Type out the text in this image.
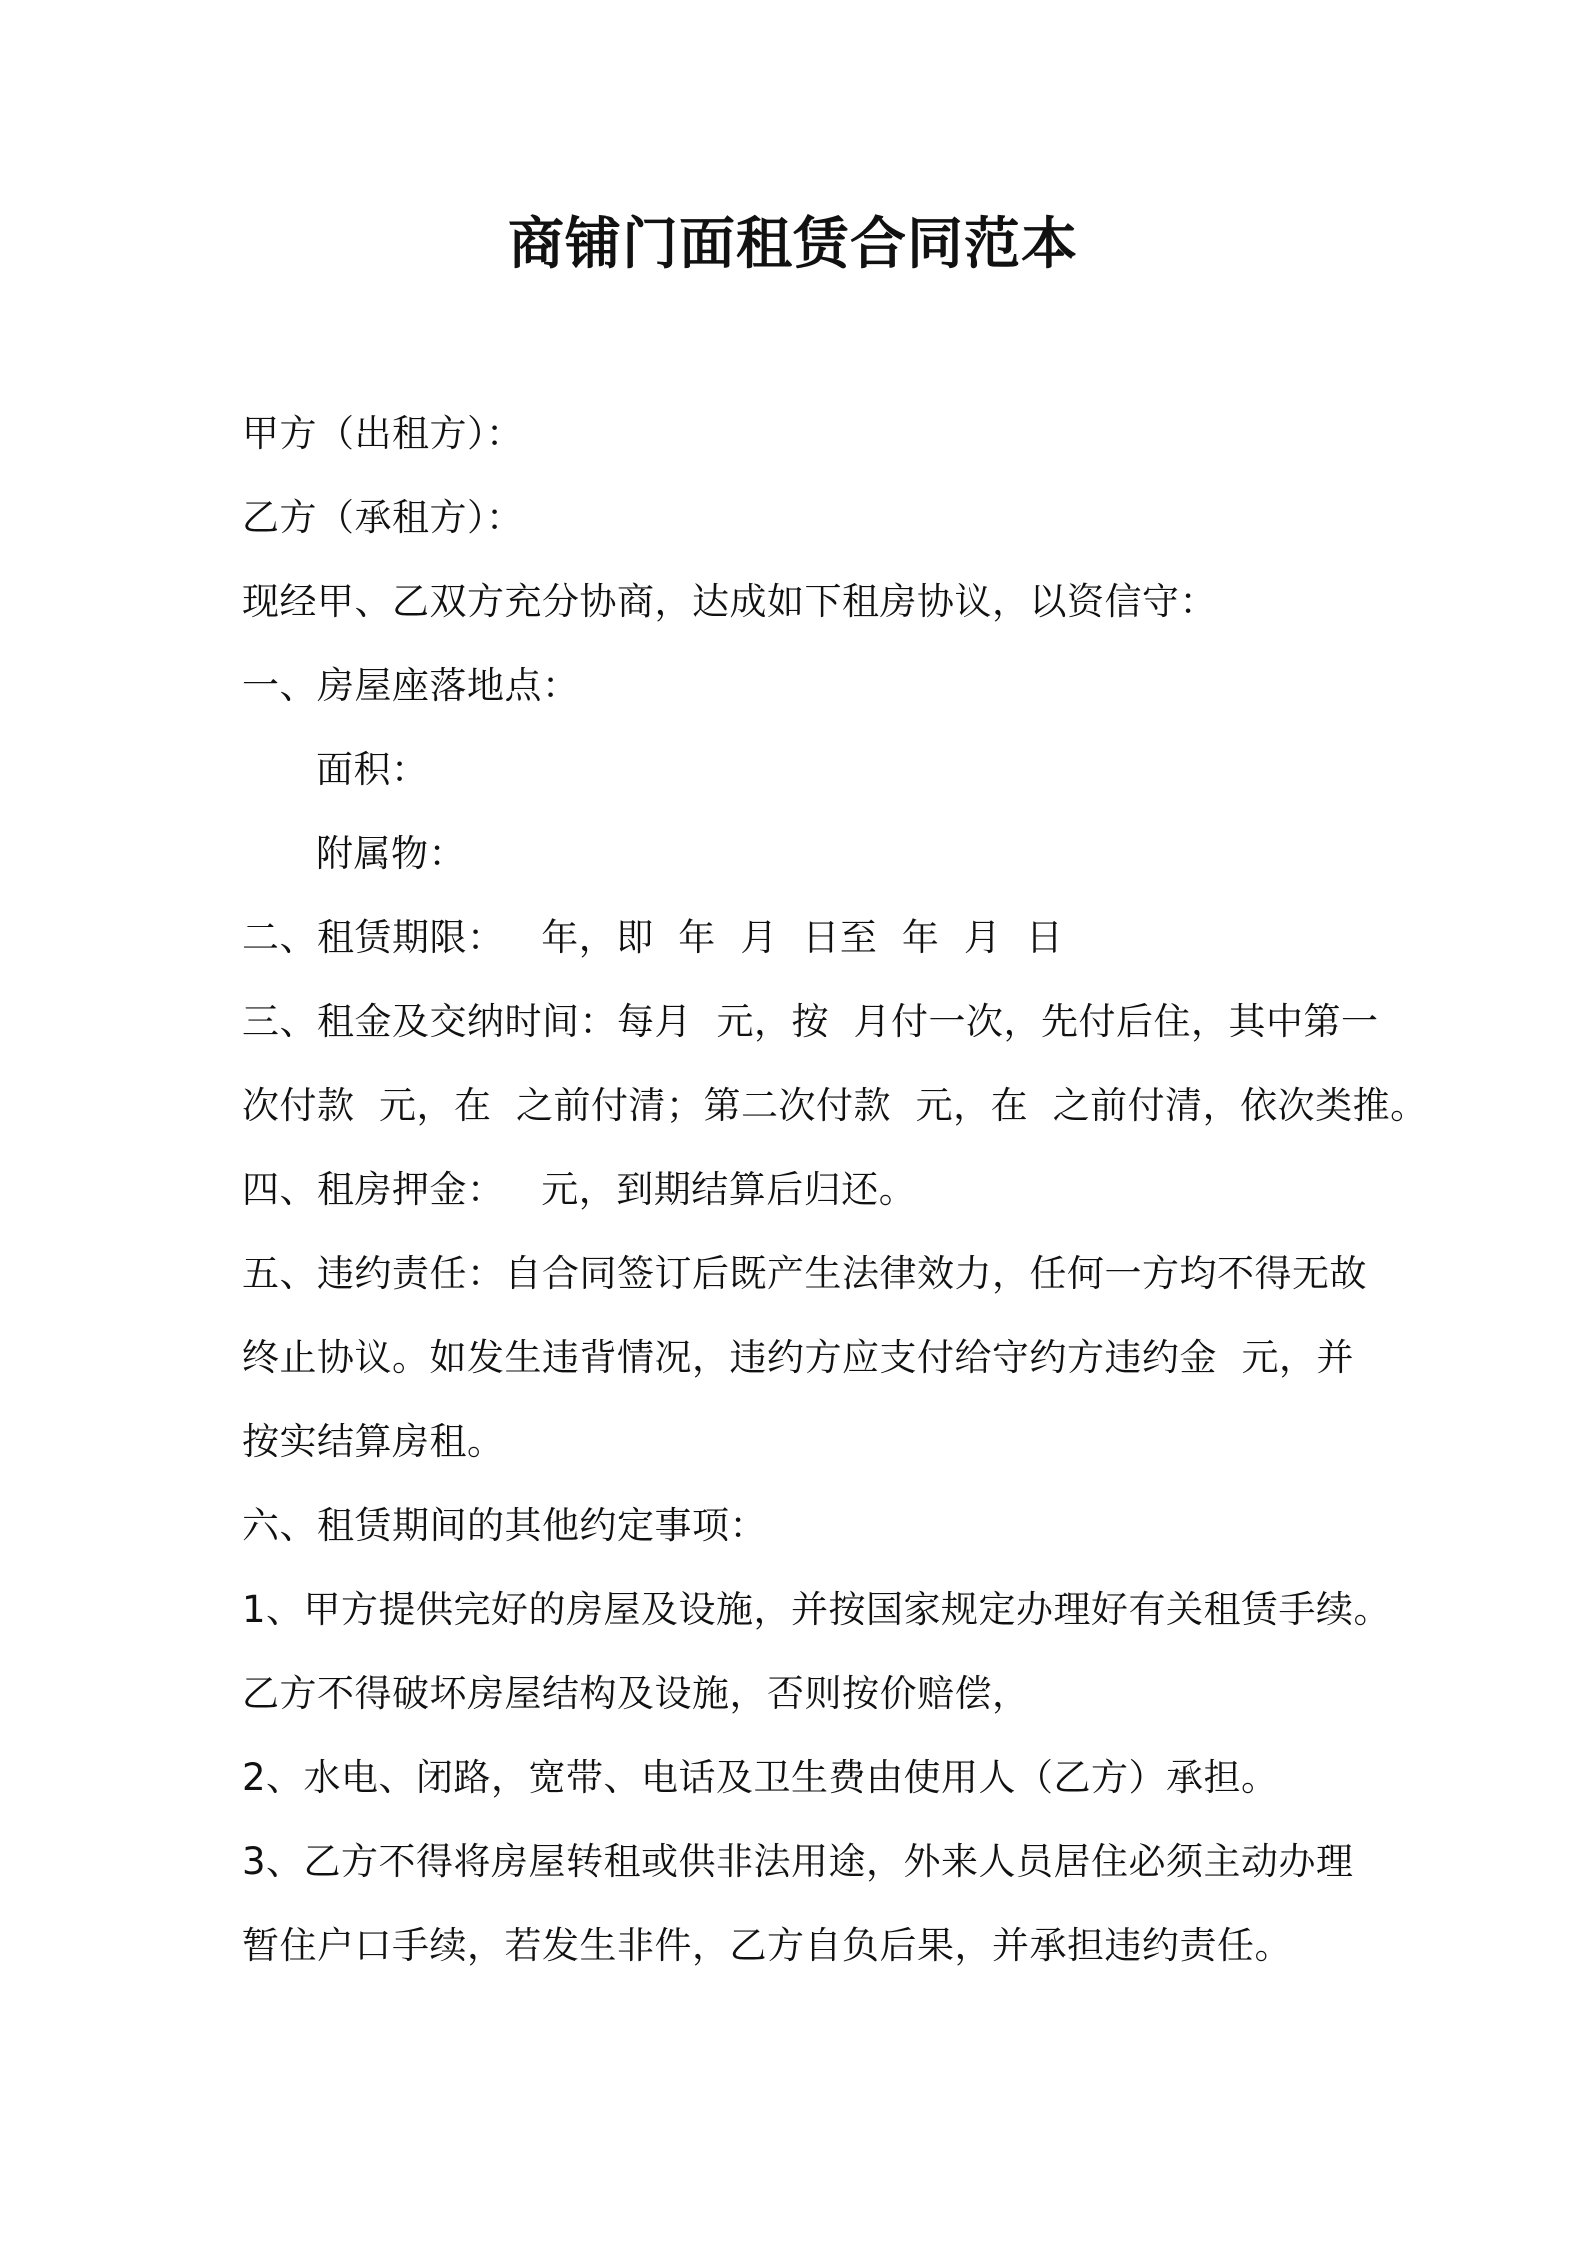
商铺门面租赁合同范本
甲方（出租方）：
乙方（承租方）：
现经甲、乙双方充分协商，达成如下租房协议，以资信守：
一、房屋座落地点：
面积：
附属物：
二、租赁期限：   年，即  年  月  日至  年  月  日
三、租金及交纳时间：每月  元，按  月付一次，先付后住，其中第一
次付款  元，在  之前付清；第二次付款  元，在  之前付清，依次类推。
四、租房押金：   元，到期结算后归还。
五、违约责任：自合同签订后既产生法律效力，任何一方均不得无故
终止协议。如发生违背情况，违约方应支付给守约方违约金  元，并
按实结算房租。
六、租赁期间的其他约定事项：
1、甲方提供完好的房屋及设施，并按国家规定办理好有关租赁手续。
乙方不得破坏房屋结构及设施，否则按价赔偿，
2、水电、闭路，宽带、电话及卫生费由使用人（乙方）承担。
3、乙方不得将房屋转租或供非法用途，外来人员居住必须主动办理
暂住户口手续，若发生非件，乙方自负后果，并承担违约责任。
